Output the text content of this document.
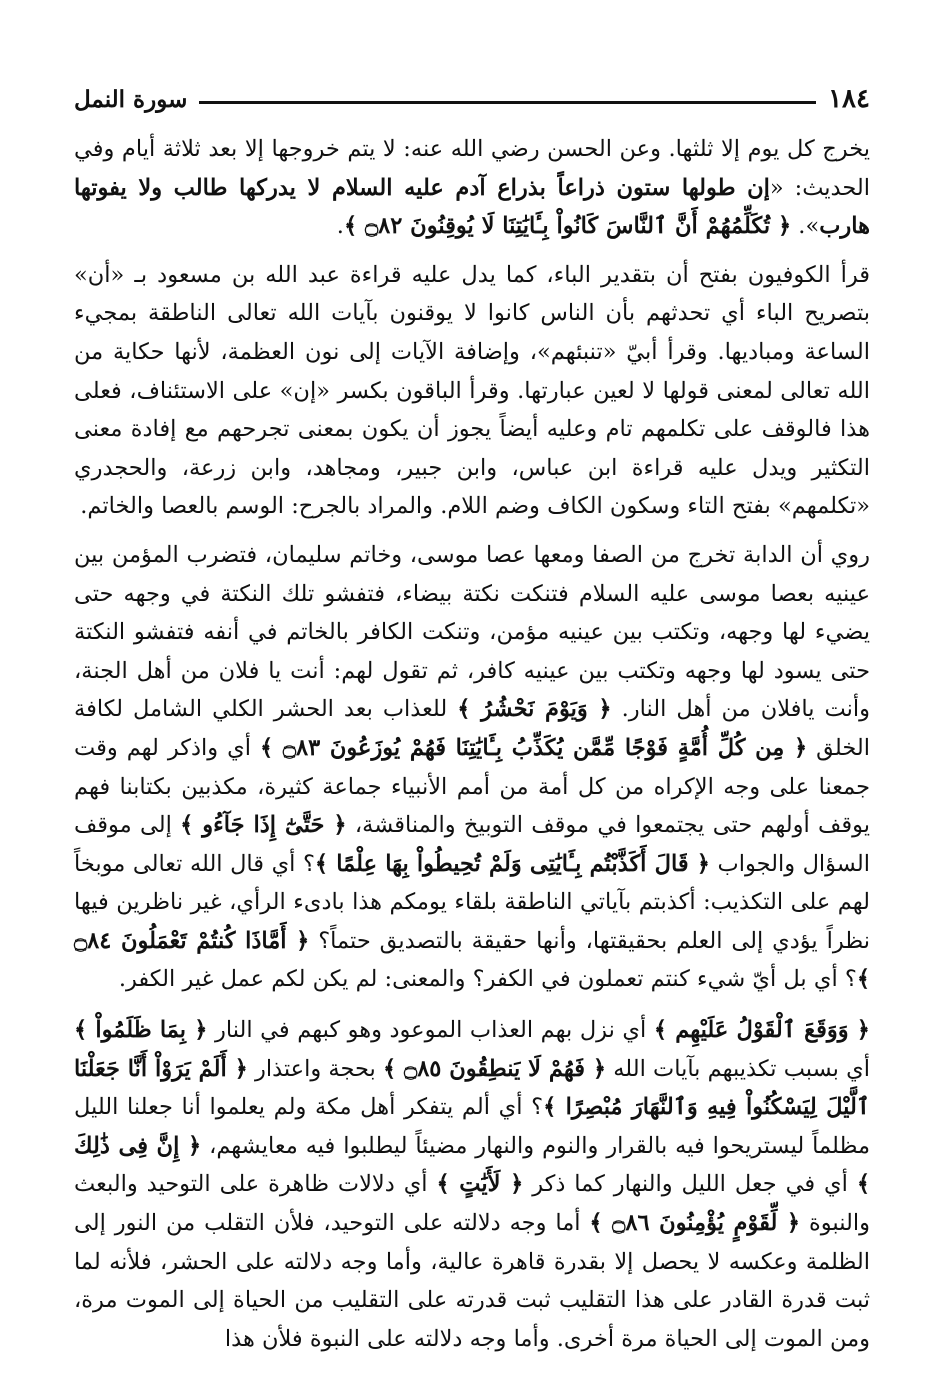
١٨٤
سورة النمل

يخرج كل يوم إلا ثلثها. وعن الحسن رضي الله عنه: لا يتم خروجها إلا بعد ثلاثة أيام وفي الحديث: «إن طولها ستون ذراعاً بذراع آدم عليه السلام لا يدركها طالب ولا يفوتها هارب». ﴿ تُكَلِّمُهُمْ أَنَّ ٱلنَّاسَ كَانُواْ بِـَٔايَٰتِنَا لَا يُوقِنُونَ ۝٨٢ ﴾.

قرأ الكوفيون بفتح أن بتقدير الباء، كما يدل عليه قراءة عبد الله بن مسعود بـ «أن» بتصريح الباء أي تحدثهم بأن الناس كانوا لا يوقنون بآيات الله تعالى الناطقة بمجيء الساعة ومباديها. وقرأ أبيّ «تنبئهم»، وإضافة الآيات إلى نون العظمة، لأنها حكاية من الله تعالى لمعنى قولها لا لعين عبارتها. وقرأ الباقون بكسر «إن» على الاستئناف، فعلى هذا فالوقف على تكلمهم تام وعليه أيضاً يجوز أن يكون بمعنى تجرحهم مع إفادة معنى التكثير ويدل عليه قراءة ابن عباس، وابن جبير، ومجاهد، وابن زرعة، والحجدري «تكلمهم» بفتح التاء وسكون الكاف وضم اللام. والمراد بالجرح: الوسم بالعصا والخاتم.

روي أن الدابة تخرج من الصفا ومعها عصا موسى، وخاتم سليمان، فتضرب المؤمن بين عينيه بعصا موسى عليه السلام فتنكت نكتة بيضاء، فتفشو تلك النكتة في وجهه حتى يضيء لها وجهه، وتكتب بين عينيه مؤمن، وتنكت الكافر بالخاتم في أنفه فتفشو النكتة حتى يسود لها وجهه وتكتب بين عينيه كافر، ثم تقول لهم: أنت يا فلان من أهل الجنة، وأنت يافلان من أهل النار. ﴿ وَيَوْمَ نَحْشُرُ ﴾ للعذاب بعد الحشر الكلي الشامل لكافة الخلق ﴿ مِن كُلِّ أُمَّةٍ فَوْجًا مِّمَّن يُكَذِّبُ بِـَٔايَٰتِنَا فَهُمْ يُوزَعُونَ ۝٨٣ ﴾ أي واذكر لهم وقت جمعنا على وجه الإكراه من كل أمة من أمم الأنبياء جماعة كثيرة، مكذبين بكتابنا فهم يوقف أولهم حتى يجتمعوا في موقف التوبيخ والمناقشة، ﴿ حَتَّىٰٓ إِذَا جَآءُو ﴾ إلى موقف السؤال والجواب ﴿ قَالَ أَكَذَّبْتُم بِـَٔايَٰتِى وَلَمْ تُحِيطُواْ بِهَا عِلْمًا ﴾؟ أي قال الله تعالى موبخاً لهم على التكذيب: أكذبتم بآياتي الناطقة بلقاء يومكم هذا بادىء الرأي، غير ناظرين فيها نظراً يؤدي إلى العلم بحقيقتها، وأنها حقيقة بالتصديق حتماً؟ ﴿ أَمَّاذَا كُنتُمْ تَعْمَلُونَ ۝٨٤ ﴾؟ أي بل أيّ شيء كنتم تعملون في الكفر؟ والمعنى: لم يكن لكم عمل غير الكفر.

﴿ وَوَقَعَ ٱلْقَوْلُ عَلَيْهِم ﴾ أي نزل بهم العذاب الموعود وهو كبهم في النار ﴿ بِمَا ظَلَمُواْ ﴾ أي بسبب تكذيبهم بآيات الله ﴿ فَهُمْ لَا يَنطِقُونَ ۝٨٥ ﴾ بحجة واعتذار ﴿ أَلَمْ يَرَوْاْ أَنَّا جَعَلْنَا ٱلَّيْلَ لِيَسْكُنُواْ فِيهِ وَٱلنَّهَارَ مُبْصِرًا ﴾؟ أي ألم يتفكر أهل مكة ولم يعلموا أنا جعلنا الليل مظلماً ليستريحوا فيه بالقرار والنوم والنهار مضيئاً ليطلبوا فيه معايشهم، ﴿ إِنَّ فِى ذَٰلِكَ ﴾ أي في جعل الليل والنهار كما ذكر ﴿ لَأَيَٰتٍ ﴾ أي دلالات ظاهرة على التوحيد والبعث والنبوة ﴿ لِّقَوْمٍ يُؤْمِنُونَ ۝٨٦ ﴾ أما وجه دلالته على التوحيد، فلأن التقلب من النور إلى الظلمة وعكسه لا يحصل إلا بقدرة قاهرة عالية، وأما وجه دلالته على الحشر، فلأنه لما ثبت قدرة القادر على هذا التقليب ثبت قدرته على التقليب من الحياة إلى الموت مرة، ومن الموت إلى الحياة مرة أخرى. وأما وجه دلالته على النبوة فلأن هذا
